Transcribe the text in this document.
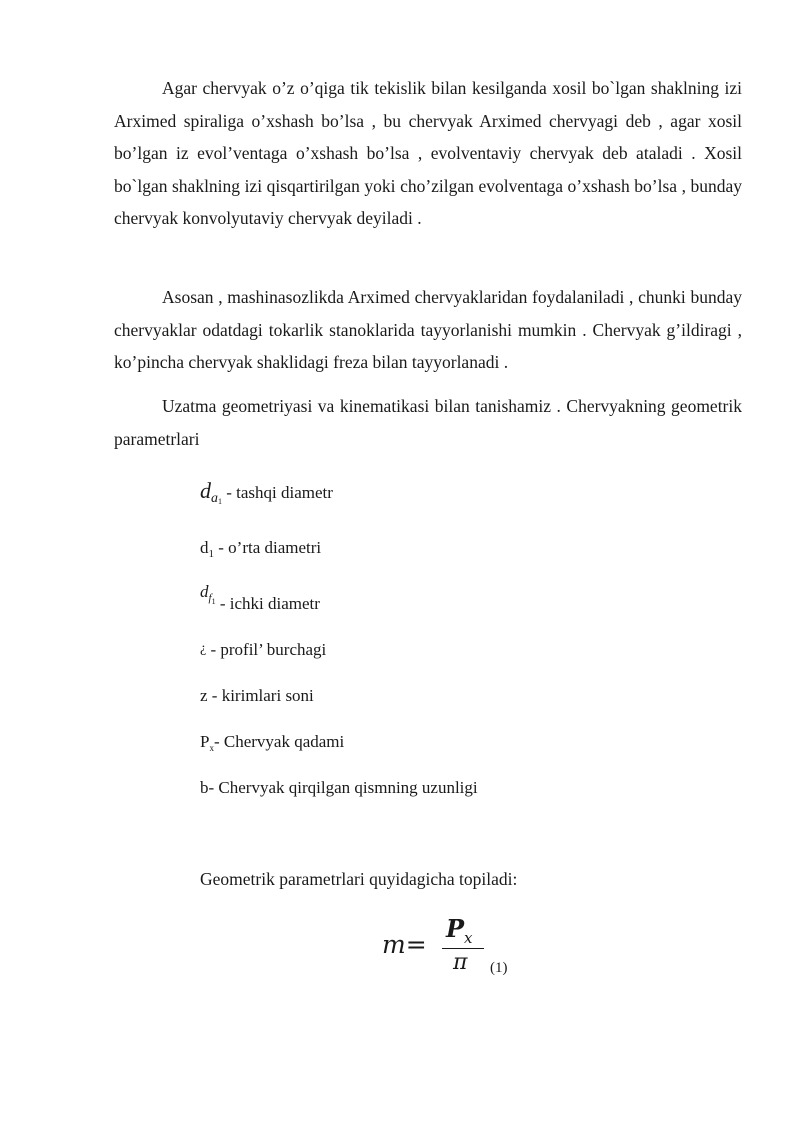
Agar chervyak o’z o’qiga tik tekislik bilan kesilganda xosil bo`lgan shaklning izi Arximed spiraliga o’xshash bo’lsa , bu chervyak Arximed chervyagi deb , agar xosil bo’lgan iz evol’ventaga o’xshash bo’lsa , evolventaviy chervyak deb ataladi . Xosil bo`lgan shaklning izi qisqartirilgan yoki cho’zilgan evolventaga o’xshash bo’lsa , bunday chervyak konvolyutaviy chervyak deyiladi .

Asosan , mashinasozlikda Arximed chervyaklaridan foydalaniladi , chunki bunday chervyaklar odatdagi tokarlik stanoklarida tayyorlanishi mumkin . Chervyak g’ildiragi , ko’pincha chervyak shaklidagi freza bilan tayyorlanadi .

Uzatma geometriyasi va kinematikasi bilan tanishamiz . Chervyakning geometrik parametrlari

$d_{a1}$ - tashqi diametr
$d_1$ - o’rta diametri
$d_{f1}$ - ichki diametr
¿ - profil’ burchagi
z - kirimlari soni
$P_x-$ Chervyak qadami
b- Chervyak qirqilgan qismning uzunligi
Geometrik parametrlari quyidagicha topiladi:
m=
$P_x$
π (1)
